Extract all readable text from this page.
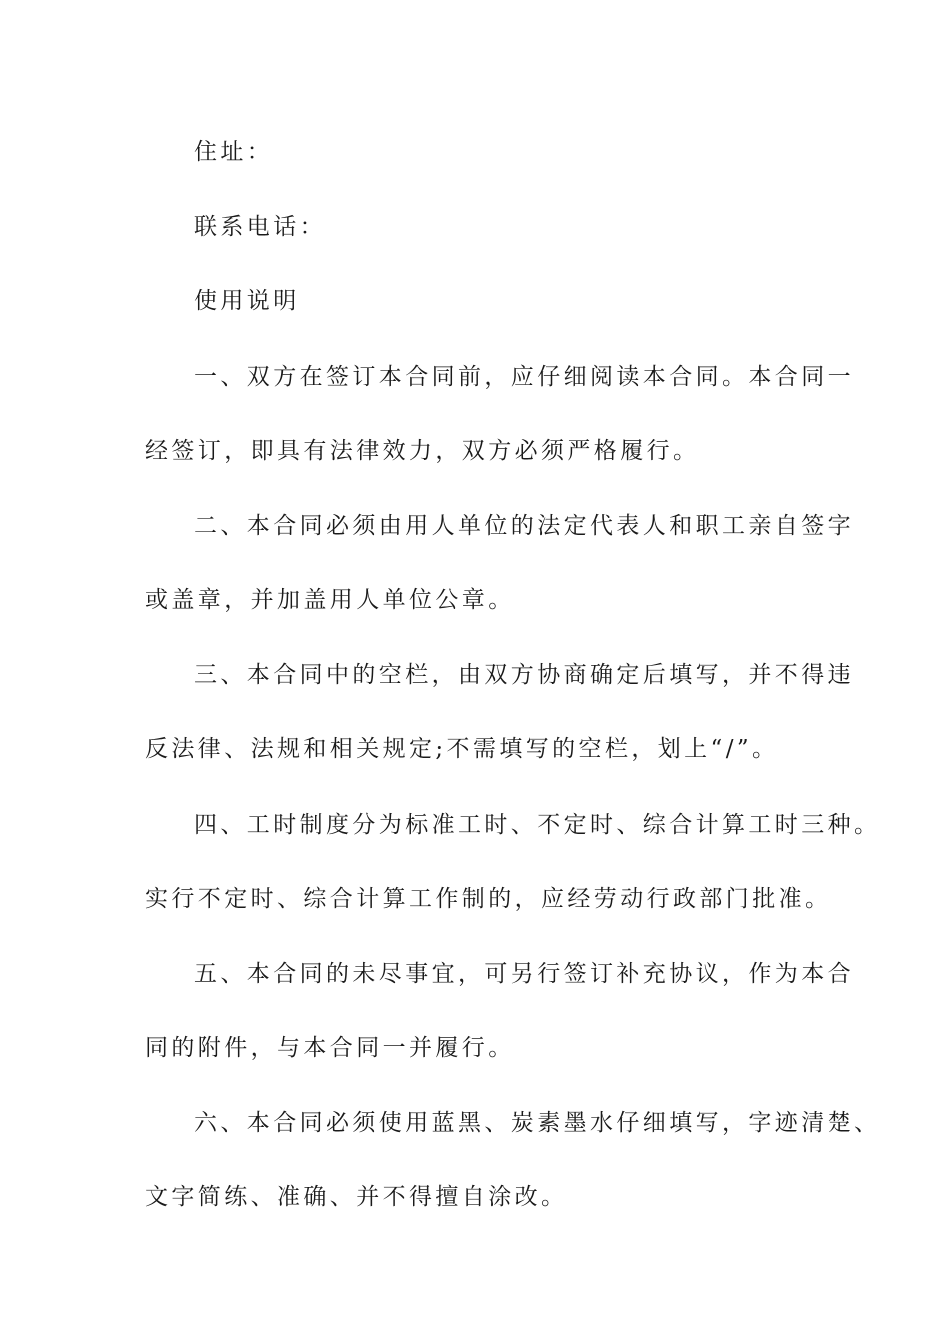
住址：

联系电话：

使用说明

一、双方在签订本合同前，应仔细阅读本合同。本合同一

经签订，即具有法律效力，双方必须严格履行。

二、本合同必须由用人单位的法定代表人和职工亲自签字

或盖章，并加盖用人单位公章。

三、本合同中的空栏，由双方协商确定后填写，并不得违

反法律、法规和相关规定;不需填写的空栏，划上“/”。

四、工时制度分为标准工时、不定时、综合计算工时三种。

实行不定时、综合计算工作制的，应经劳动行政部门批准。

五、本合同的未尽事宜，可另行签订补充协议，作为本合

同的附件，与本合同一并履行。

六、本合同必须使用蓝黑、炭素墨水仔细填写，字迹清楚、

文字简练、准确、并不得擅自涂改。
